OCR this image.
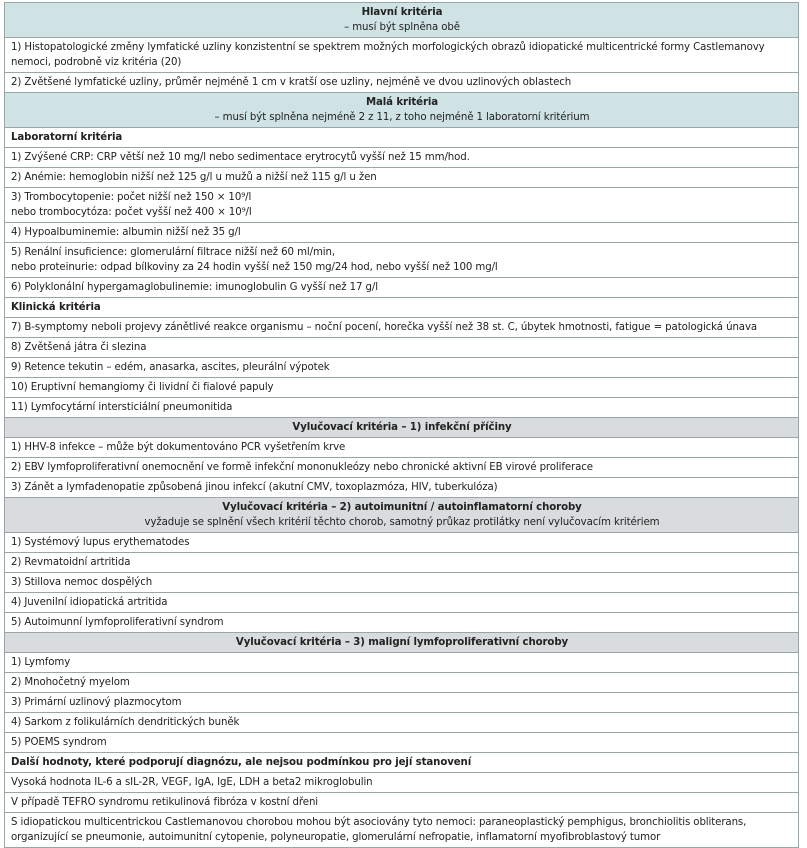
Hlavní kritéria
– musí být splněna obě
1) Histopatologické změny lymfatické uzliny konzistentní se spektrem možných morfologických obrazů idiopatické multicentrické formy Castlemanovy
nemoci, podrobně viz kritéria (20)
2) Zvětšené lymfatické uzliny, průměr nejméně 1 cm v kratší ose uzliny, nejméně ve dvou uzlinových oblastech
Malá kritéria
– musí být splněna nejméně 2 z 11, z toho nejméně 1 laboratorní kritérium
Laboratorní kritéria
1) Zvýšené CRP: CRP větší než 10 mg/l nebo sedimentace erytrocytů vyšší než 15 mm/hod.
2) Anémie: hemoglobin nižší než 125 g/l u mužů a nižší než 115 g/l u žen
3) Trombocytopenie: počet nižší než 150 × 10⁹/l
nebo trombocytóza: počet vyšší než 400 × 10⁹/l
4) Hypoalbuminemie: albumin nižší než 35 g/l
5) Renální insuficience: glomerulární filtrace nižší než 60 ml/min,
nebo proteinurie: odpad bílkoviny za 24 hodin vyšší než 150 mg/24 hod, nebo vyšší než 100 mg/l
6) Polyklonální hypergamaglobulinemie: imunoglobulin G vyšší než 17 g/l
Klinická kritéria
7) B-symptomy neboli projevy zánětlivé reakce organismu – noční pocení, horečka vyšší než 38 st. C, úbytek hmotnosti, fatigue = patologická únava
8) Zvětšená játra či slezina
9) Retence tekutin – edém, anasarka, ascites, pleurální výpotek
10) Eruptivní hemangiomy či lividní či fialové papuly
11) Lymfocytární intersticiální pneumonitida
Vylučovací kritéria – 1) infekční příčiny
1) HHV-8 infekce – může být dokumentováno PCR vyšetřením krve
2) EBV lymfoproliferativní onemocnění ve formě infekční mononukleózy nebo chronické aktivní EB virové proliferace
3) Zánět a lymfadenopatie způsobená jinou infekcí (akutní CMV, toxoplazmóza, HIV, tuberkulóza)
Vylučovací kritéria – 2) autoimunitní / autoinflamatorní choroby
vyžaduje se splnění všech kritérií těchto chorob, samotný průkaz protilátky není vylučovacím kritériem
1) Systémový lupus erythematodes
2) Revmatoidní artritida
3) Stillova nemoc dospělých
4) Juvenilní idiopatická artritida
5) Autoimunní lymfoproliferativní syndrom
Vylučovací kritéria – 3) maligní lymfoproliferativní choroby
1) Lymfomy
2) Mnohočetný myelom
3) Primární uzlinový plazmocytom
4) Sarkom z folikulárních dendritických buněk
5) POEMS syndrom
Další hodnoty, které podporují diagnózu, ale nejsou podmínkou pro její stanovení
Vysoká hodnota IL-6 a sIL-2R, VEGF, IgA, IgE, LDH a beta2 mikroglobulin
V případě TEFRO syndromu retikulinová fibróza v kostní dřeni
S idiopatickou multicentrickou Castlemanovou chorobou mohou být asociovány tyto nemoci: paraneoplastický pemphigus, bronchiolitis obliterans,
organizující se pneumonie, autoimunitní cytopenie, polyneuropatie, glomerulární nefropatie, inflamatorní myofibroblastový tumor
